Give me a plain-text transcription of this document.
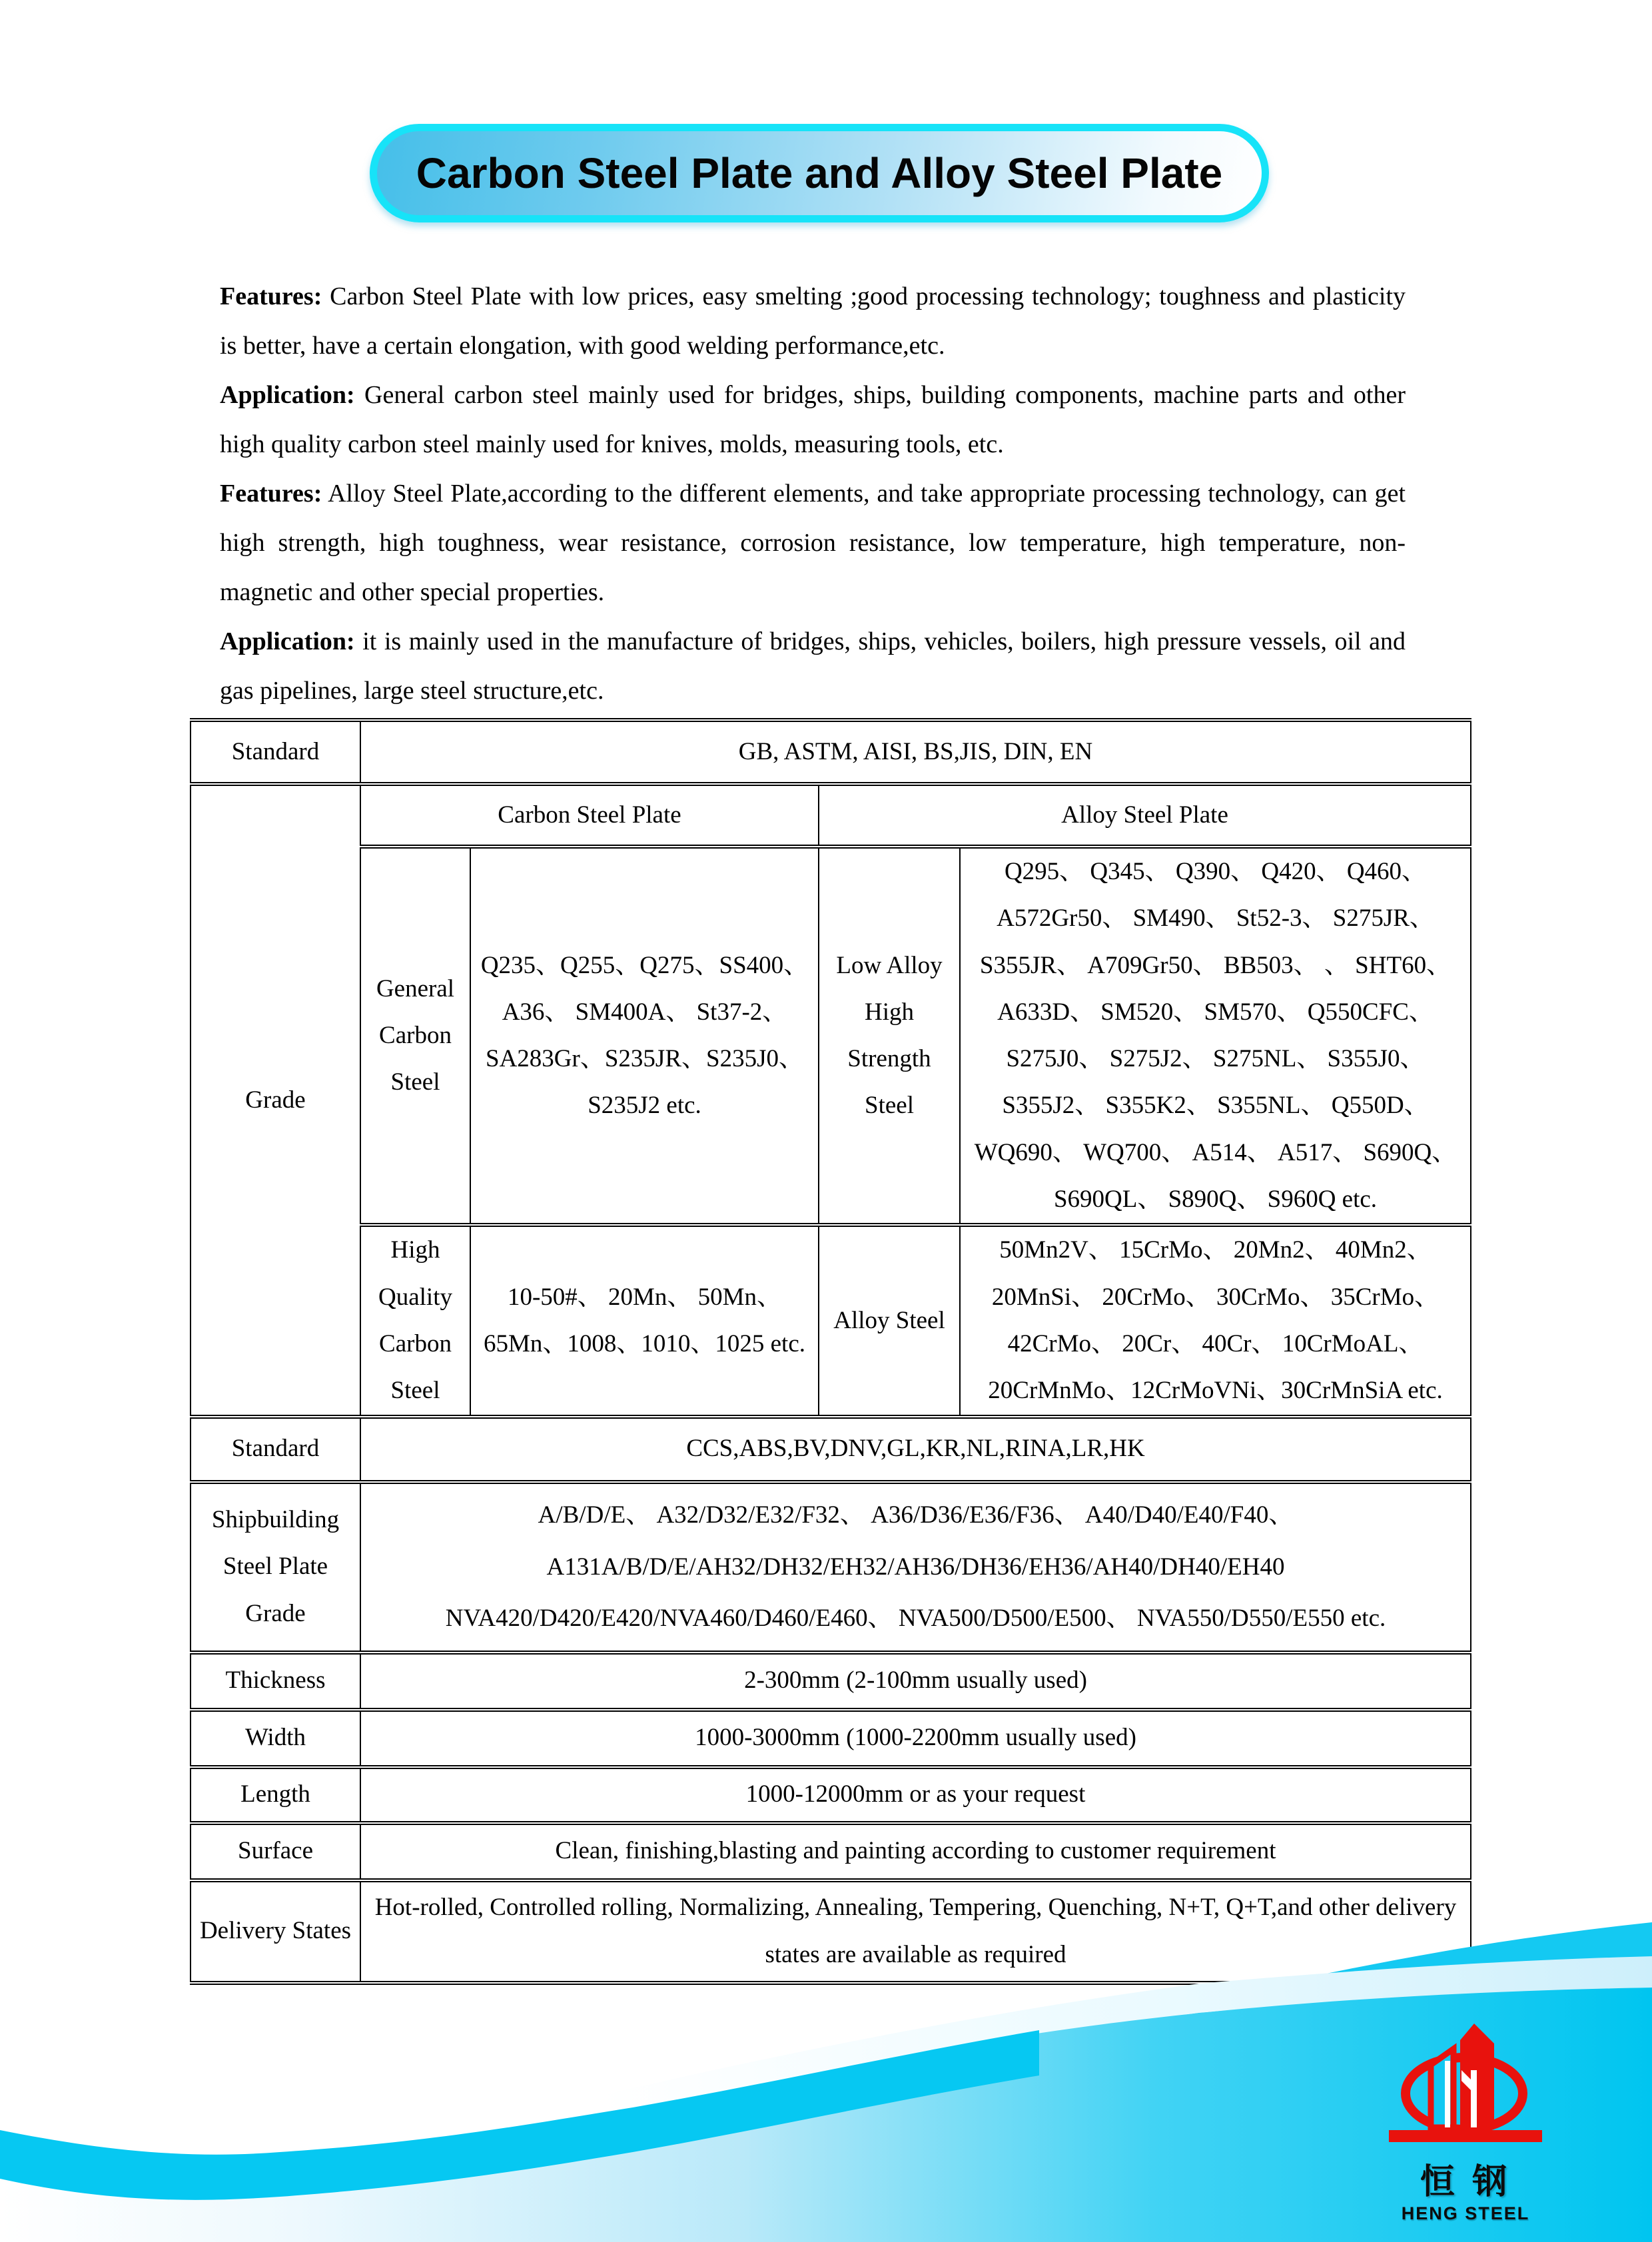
Carbon Steel Plate and Alloy Steel Plate

Features: Carbon Steel Plate with low prices, easy smelting ;good processing technology; toughness and plasticity is better, have a certain elongation, with good welding performance,etc.

Application: General carbon steel mainly used for bridges, ships, building components, machine parts and other high quality carbon steel mainly used for knives, molds, measuring tools, etc.

Features: Alloy Steel Plate,according to the different elements, and take appropriate processing technology, can get high strength, high toughness, wear resistance, corrosion resistance, low temperature, high temperature, non-magnetic and other special properties.

Application: it is mainly used in the manufacture of bridges, ships, vehicles, boilers, high pressure vessels, oil and gas pipelines, large steel structure,etc.

Standard	GB, ASTM, AISI, BS,JIS, DIN, EN			
Grade	Carbon Steel Plate		Alloy Steel Plate	
	General Carbon Steel	Q235、Q255、Q275、SS400、 A36、 SM400A、 St37-2、 SA283Gr、S235JR、S235J0、 S235J2 etc.	Low Alloy High Strength Steel	Q295、 Q345、 Q390、 Q420、 Q460、 A572Gr50、 SM490、 St52-3、 S275JR、 S355JR、 A709Gr50、 BB503、 、 SHT60、 A633D、 SM520、 SM570、 Q550CFC、 S275J0、 S275J2、 S275NL、 S355J0、 S355J2、 S355K2、 S355NL、 Q550D、 WQ690、 WQ700、 A514、 A517、 S690Q、 S690QL、 S890Q、 S960Q etc.
	High Quality Carbon Steel	10-50#、 20Mn、 50Mn、 65Mn、1008、1010、1025 etc.	Alloy Steel	50Mn2V、 15CrMo、 20Mn2、 40Mn2、 20MnSi、 20CrMo、 30CrMo、 35CrMo、 42CrMo、 20Cr、 40Cr、 10CrMoAL、 20CrMnMo、12CrMoVNi、30CrMnSiA etc.
Standard	CCS,ABS,BV,DNV,GL,KR,NL,RINA,LR,HK			
Shipbuilding Steel Plate Grade	A/B/D/E、 A32/D32/E32/F32、 A36/D36/E36/F36、 A40/D40/E40/F40、
A131A/B/D/E/AH32/DH32/EH32/AH36/DH36/EH36/AH40/DH40/EH40
NVA420/D420/E420/NVA460/D460/E460、 NVA500/D500/E500、 NVA550/D550/E550 etc.			

Thickness	2-300mm (2-100mm usually used)			
Width	1000-3000mm (1000-2200mm usually used)			
Length	1000-12000mm or as your request			
Surface	Clean, finishing,blasting and painting according to customer requirement			
Delivery States	Hot-rolled, Controlled rolling, Normalizing, Annealing, Tempering, Quenching, N+T, Q+T,and other delivery states are available as required			
恒 钢
HENG STEEL
